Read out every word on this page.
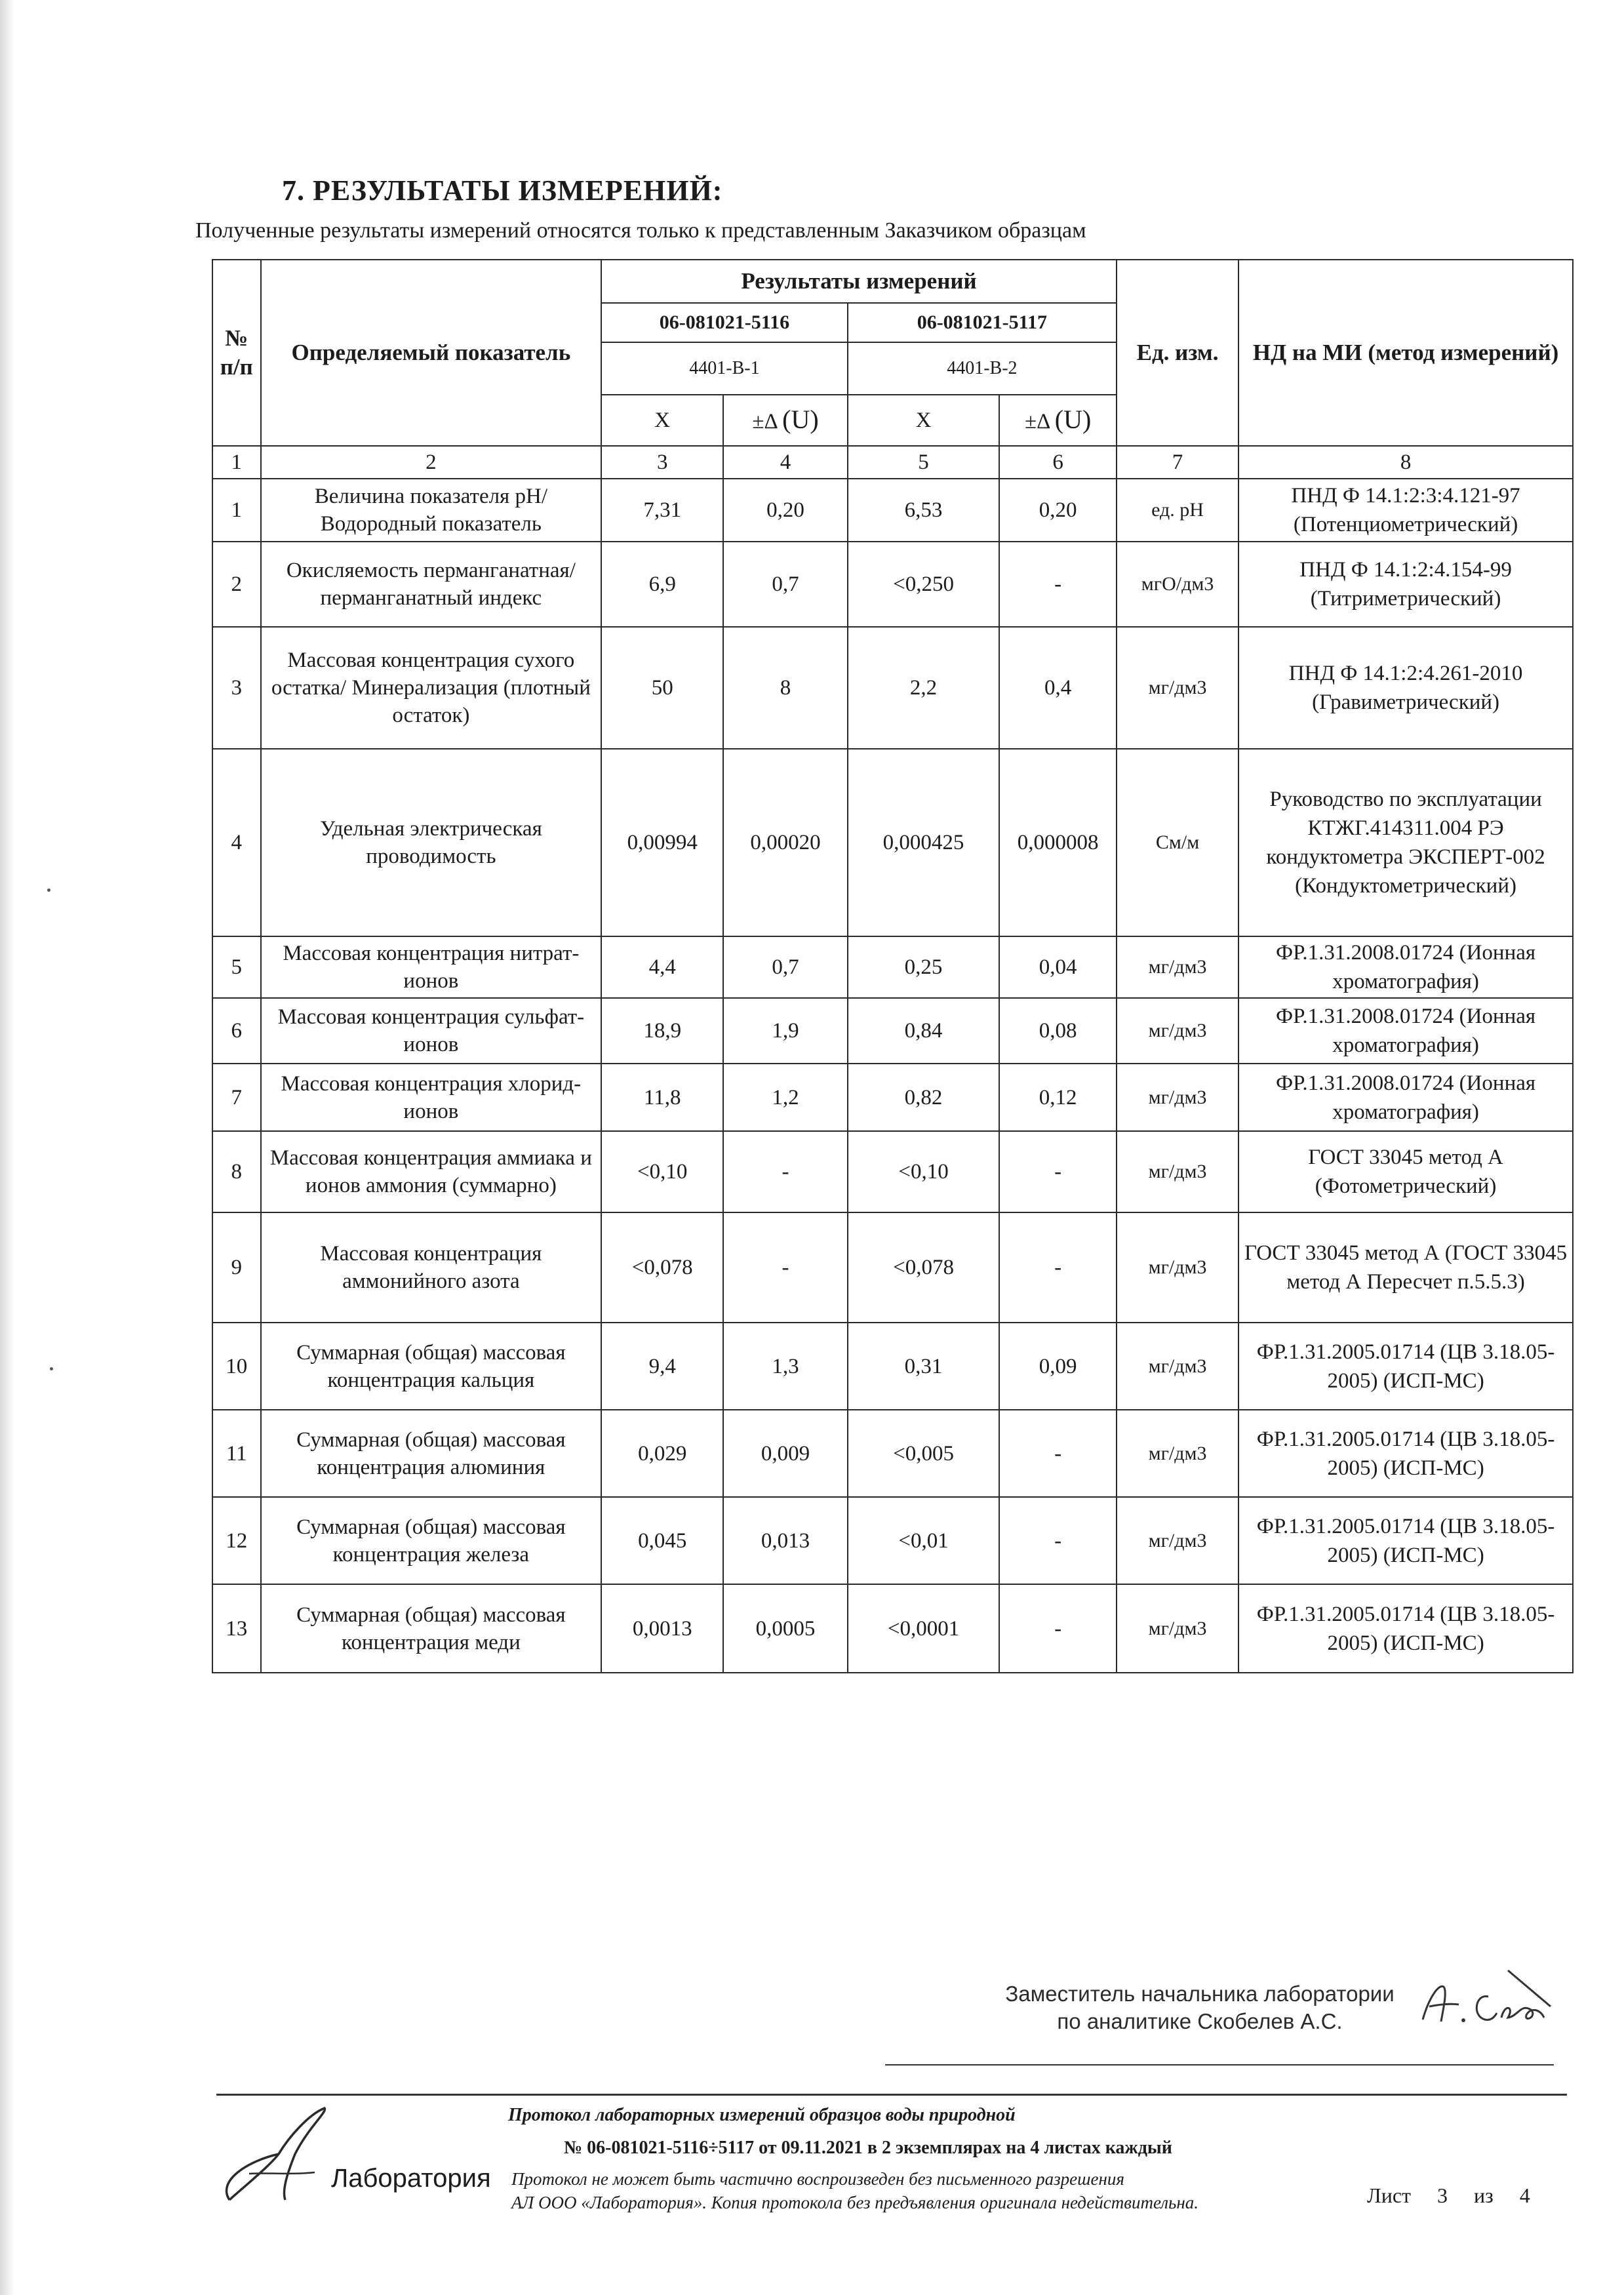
7. РЕЗУЛЬТАТЫ ИЗМЕРЕНИЙ:
Полученные результаты измерений относятся только к представленным Заказчиком образцам
№ п/п	Определяемый показатель	Результаты измерений				Ед. изм.	НД на МИ (метод измерений)
		06-081021-5116		06-081021-5117			
		4401-В-1		4401-В-2			
		X	±Δ (U)	X	±Δ (U)		
1	2	3	4	5	6	7	8
1	Величина показателя pH/ Водородный показатель	7,31	0,20	6,53	0,20	ед. pH	ПНД Ф 14.1:2:3:4.121-97 (Потенциометрический)
2	Окисляемость перманганатная/ перманганатный индекс	6,9	0,7	<0,250	-	мгО/дм3	ПНД Ф 14.1:2:4.154-99 (Титриметрический)
3	Массовая концентрация сухого остатка/ Минерализация (плотный остаток)	50	8	2,2	0,4	мг/дм3	ПНД Ф 14.1:2:4.261-2010 (Гравиметрический)
4	Удельная электрическая проводимость	0,00994	0,00020	0,000425	0,000008	См/м	Руководство по эксплуатации КТЖГ.414311.004 РЭ кондуктометра ЭКСПЕРТ-002 (Кондуктометрический)
5	Массовая концентрация нитрат-ионов	4,4	0,7	0,25	0,04	мг/дм3	ФР.1.31.2008.01724 (Ионная хроматография)
6	Массовая концентрация сульфат-ионов	18,9	1,9	0,84	0,08	мг/дм3	ФР.1.31.2008.01724 (Ионная хроматография)
7	Массовая концентрация хлорид-ионов	11,8	1,2	0,82	0,12	мг/дм3	ФР.1.31.2008.01724 (Ионная хроматография)
8	Массовая концентрация аммиака и ионов аммония (суммарно)	<0,10	-	<0,10	-	мг/дм3	ГОСТ 33045 метод А (Фотометрический)
9	Массовая концентрация аммонийного азота	<0,078	-	<0,078	-	мг/дм3	ГОСТ 33045 метод А (ГОСТ 33045 метод А Пересчет п.5.5.3)
10	Суммарная (общая) массовая концентрация кальция	9,4	1,3	0,31	0,09	мг/дм3	ФР.1.31.2005.01714 (ЦВ 3.18.05-2005) (ИСП-МС)
11	Суммарная (общая) массовая концентрация алюминия	0,029	0,009	<0,005	-	мг/дм3	ФР.1.31.2005.01714 (ЦВ 3.18.05-2005) (ИСП-МС)
12	Суммарная (общая) массовая концентрация железа	0,045	0,013	<0,01	-	мг/дм3	ФР.1.31.2005.01714 (ЦВ 3.18.05-2005) (ИСП-МС)
13	Суммарная (общая) массовая концентрация меди	0,0013	0,0005	<0,0001	-	мг/дм3	ФР.1.31.2005.01714 (ЦВ 3.18.05-2005) (ИСП-МС)
Заместитель начальника лаборатории
по аналитике Скобелев А.С.
Лаборатория
Протокол лабораторных измерений образцов воды природной
№ 06-081021-5116÷5117 от 09.11.2021 в 2 экземплярах на 4 листах каждый
Протокол не может быть частично воспроизведен без письменного разрешения
АЛ ООО «Лаборатория». Копия протокола без предъявления оригинала недействительна.	Лист 3 из 4
